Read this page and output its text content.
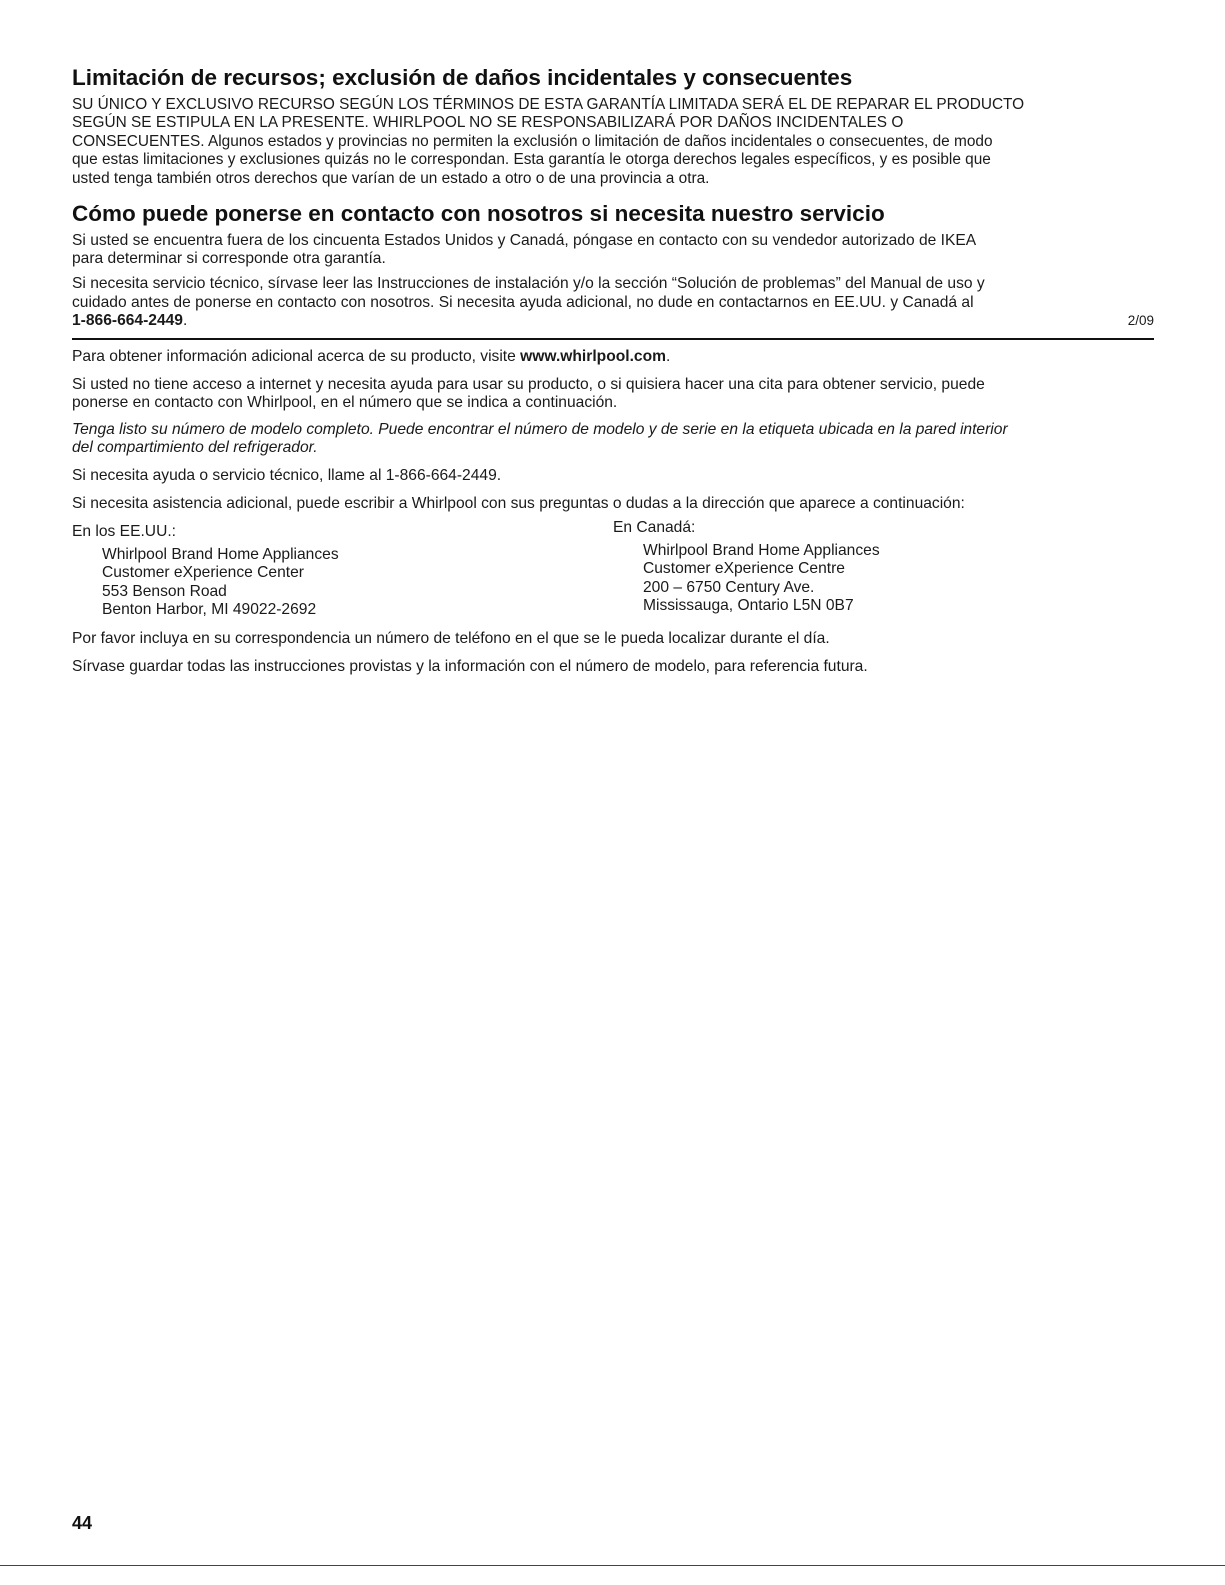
Limitación de recursos; exclusión de daños incidentales y consecuentes

SU ÚNICO Y EXCLUSIVO RECURSO SEGÚN LOS TÉRMINOS DE ESTA GARANTÍA LIMITADA SERÁ EL DE REPARAR EL PRODUCTO
SEGÚN SE ESTIPULA EN LA PRESENTE. WHIRLPOOL NO SE RESPONSABILIZARÁ POR DAÑOS INCIDENTALES O
CONSECUENTES. Algunos estados y provincias no permiten la exclusión o limitación de daños incidentales o consecuentes, de modo
que estas limitaciones y exclusiones quizás no le correspondan. Esta garantía le otorga derechos legales específicos, y es posible que
usted tenga también otros derechos que varían de un estado a otro o de una provincia a otra.

Cómo puede ponerse en contacto con nosotros si necesita nuestro servicio

Si usted se encuentra fuera de los cincuenta Estados Unidos y Canadá, póngase en contacto con su vendedor autorizado de IKEA
para determinar si corresponde otra garantía.

Si necesita servicio técnico, sírvase leer las Instrucciones de instalación y/o la sección “Solución de problemas” del Manual de uso y
cuidado antes de ponerse en contacto con nosotros. Si necesita ayuda adicional, no dude en contactarnos en EE.UU. y Canadá al

1-866-664-2449.	2/09

Para obtener información adicional acerca de su producto, visite www.whirlpool.com.

Si usted no tiene acceso a internet y necesita ayuda para usar su producto, o si quisiera hacer una cita para obtener servicio, puede
ponerse en contacto con Whirlpool, en el número que se indica a continuación.

Tenga listo su número de modelo completo. Puede encontrar el número de modelo y de serie en la etiqueta ubicada en la pared interior
del compartimiento del refrigerador.

Si necesita ayuda o servicio técnico, llame al 1-866-664-2449.

Si necesita asistencia adicional, puede escribir a Whirlpool con sus preguntas o dudas a la dirección que aparece a continuación:

En los EE.UU.:
Whirlpool Brand Home Appliances
Customer eXperience Center
553 Benson Road
Benton Harbor, MI 49022-2692
En Canadá:
Whirlpool Brand Home Appliances
Customer eXperience Centre
200 – 6750 Century Ave.
Mississauga, Ontario L5N 0B7

Por favor incluya en su correspondencia un número de teléfono en el que se le pueda localizar durante el día.

Sírvase guardar todas las instrucciones provistas y la información con el número de modelo, para referencia futura.

44
